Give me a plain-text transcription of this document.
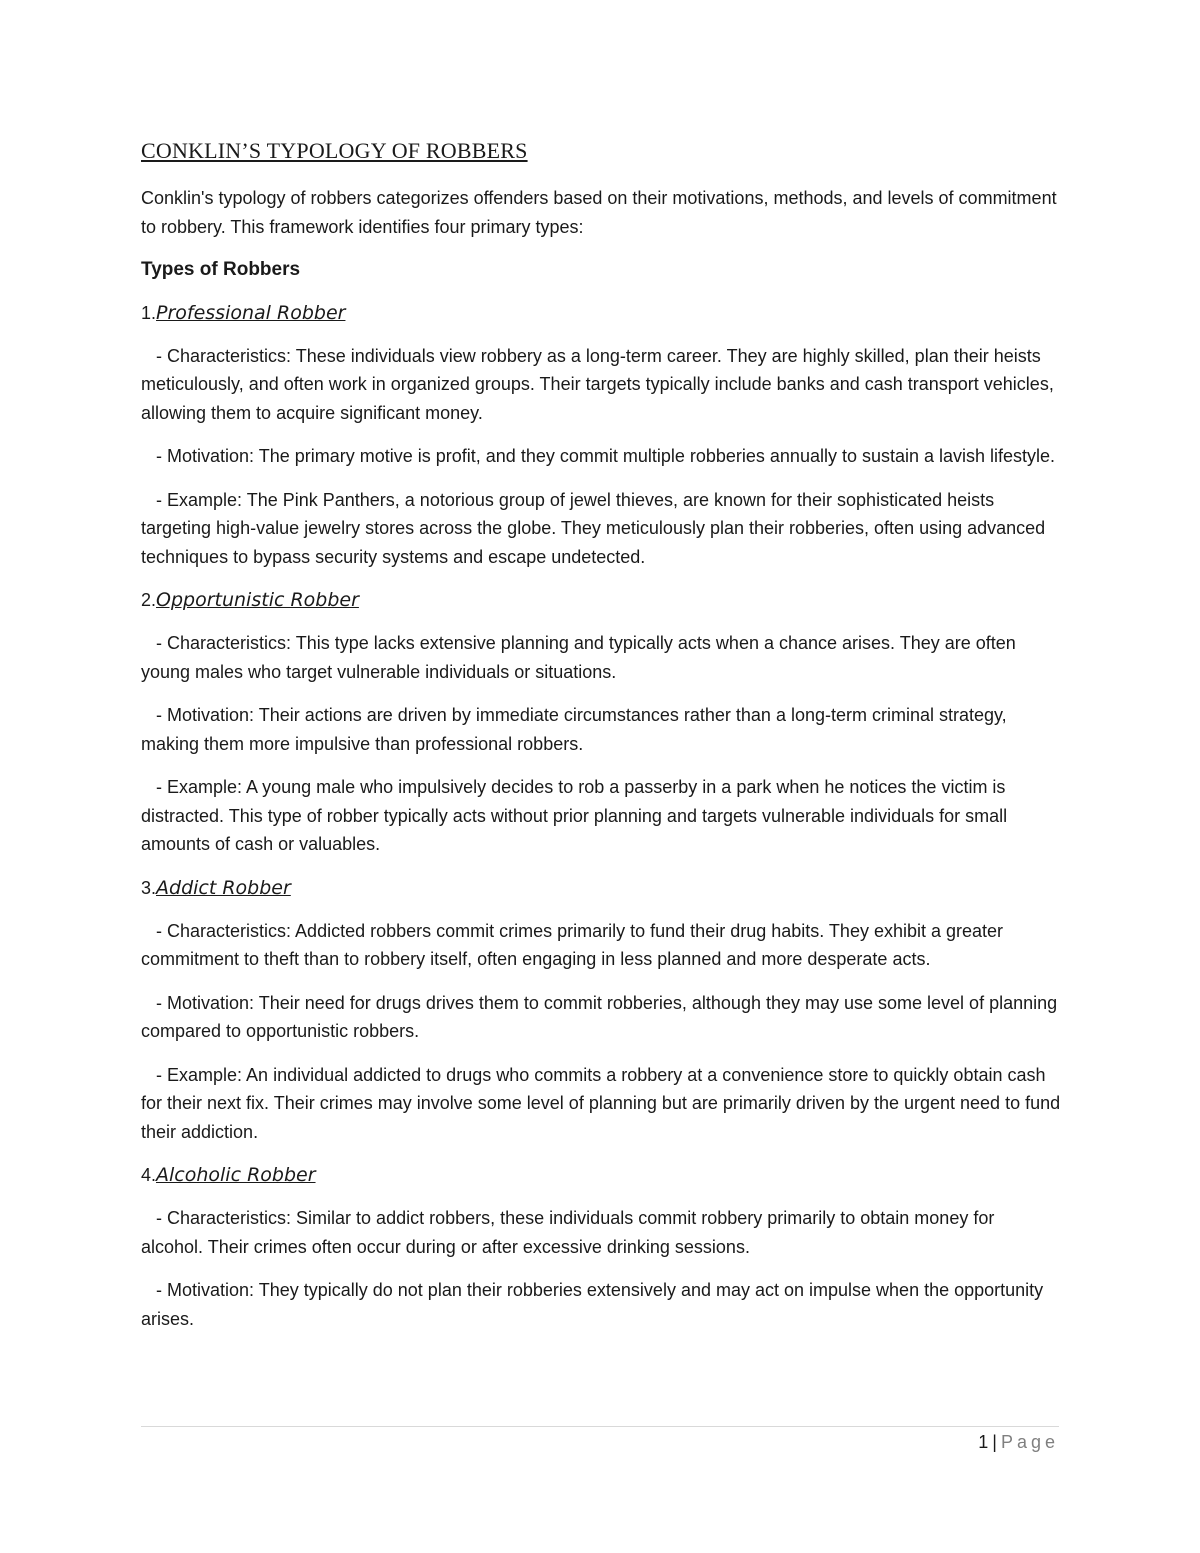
CONKLIN’S TYPOLOGY OF ROBBERS

Conklin's typology of robbers categorizes offenders based on their motivations, methods, and levels of commitment to robbery. This framework identifies four primary types:

Types of Robbers

1.Professional Robber

- Characteristics: These individuals view robbery as a long-term career. They are highly skilled, plan their heists meticulously, and often work in organized groups. Their targets typically include banks and cash transport vehicles, allowing them to acquire significant money.

- Motivation: The primary motive is profit, and they commit multiple robberies annually to sustain a lavish lifestyle.

- Example: The Pink Panthers, a notorious group of jewel thieves, are known for their sophisticated heists targeting high-value jewelry stores across the globe. They meticulously plan their robberies, often using advanced techniques to bypass security systems and escape undetected.

2.Opportunistic Robber

- Characteristics: This type lacks extensive planning and typically acts when a chance arises. They are often young males who target vulnerable individuals or situations.

- Motivation: Their actions are driven by immediate circumstances rather than a long-term criminal strategy, making them more impulsive than professional robbers.

- Example: A young male who impulsively decides to rob a passerby in a park when he notices the victim is distracted. This type of robber typically acts without prior planning and targets vulnerable individuals for small amounts of cash or valuables.

3.Addict Robber

- Characteristics: Addicted robbers commit crimes primarily to fund their drug habits. They exhibit a greater commitment to theft than to robbery itself, often engaging in less planned and more desperate acts.

- Motivation: Their need for drugs drives them to commit robberies, although they may use some level of planning compared to opportunistic robbers.

- Example: An individual addicted to drugs who commits a robbery at a convenience store to quickly obtain cash for their next fix. Their crimes may involve some level of planning but are primarily driven by the urgent need to fund their addiction.

4.Alcoholic Robber

- Characteristics: Similar to addict robbers, these individuals commit robbery primarily to obtain money for alcohol. Their crimes often occur during or after excessive drinking sessions.

- Motivation: They typically do not plan their robberies extensively and may act on impulse when the opportunity arises.

1 | Page
